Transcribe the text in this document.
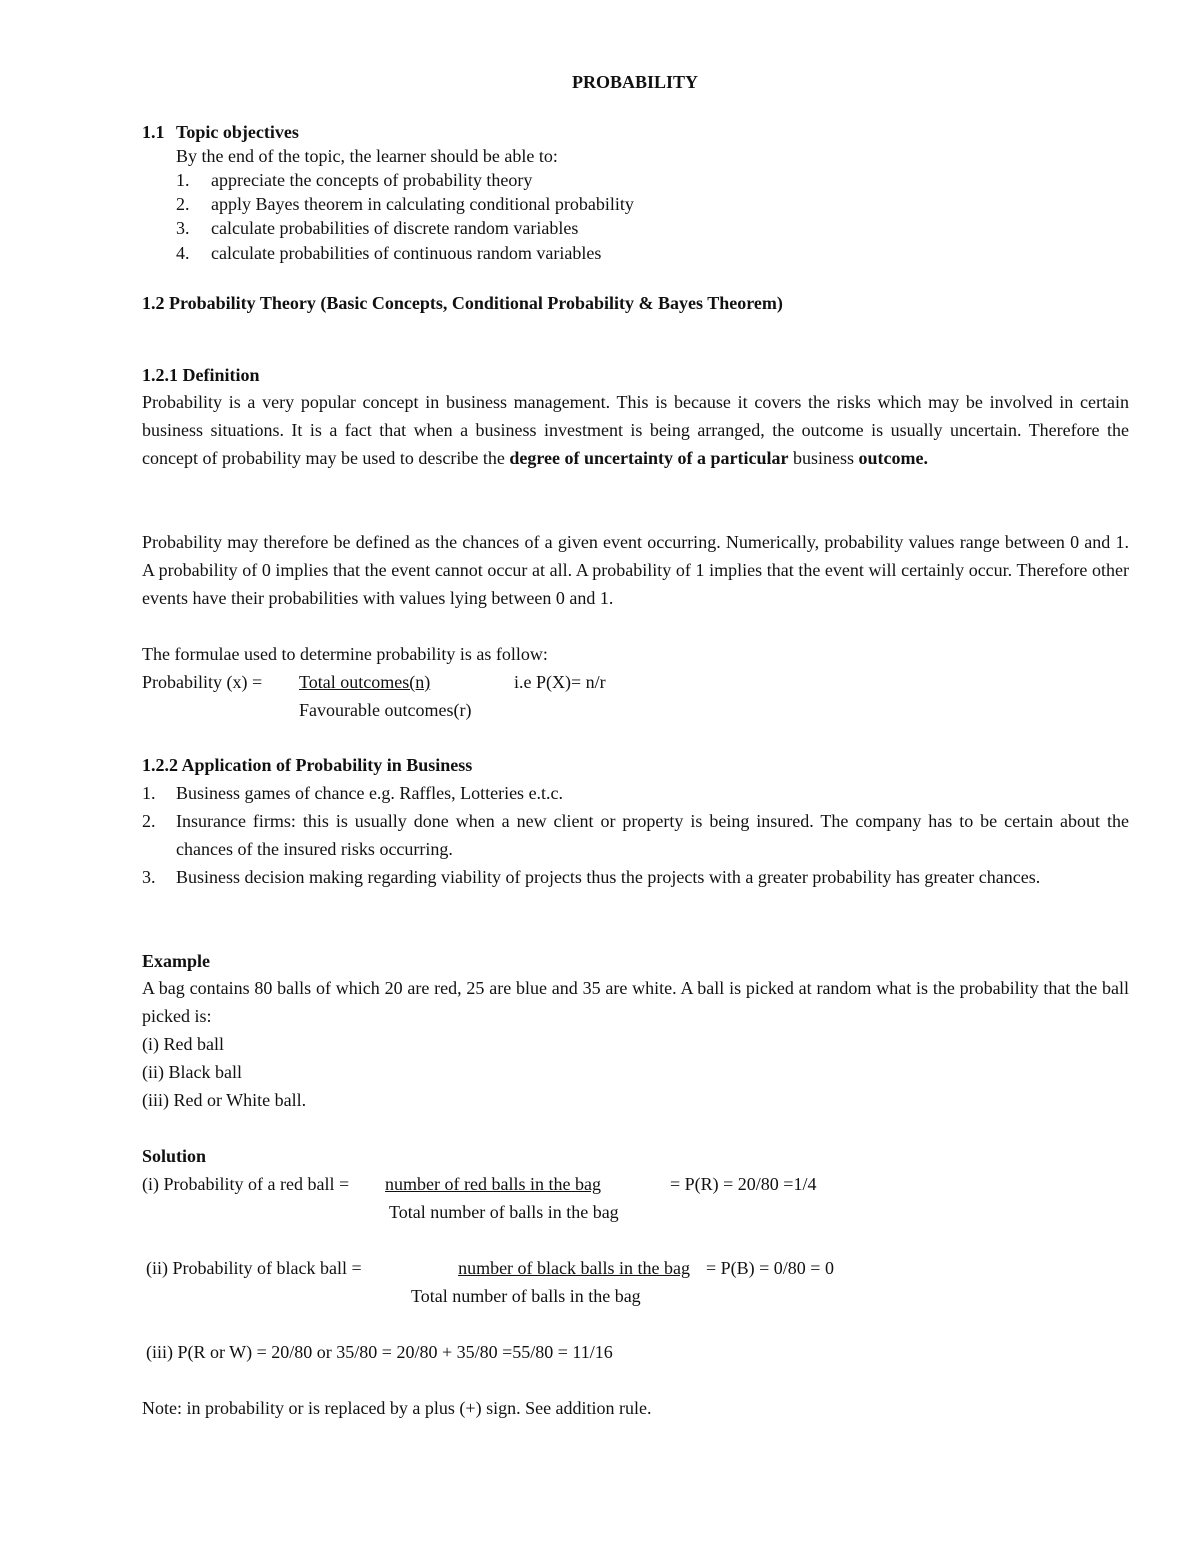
PROBABILITY
1.1 Topic objectives
By the end of the topic, the learner should be able to:
1. appreciate the concepts of probability theory
2. apply Bayes theorem in calculating conditional probability
3. calculate probabilities of discrete random variables
4. calculate probabilities of continuous random variables
1.2 Probability Theory (Basic Concepts, Conditional Probability & Bayes Theorem)
1.2.1 Definition
Probability is a very popular concept in business management. This is because it covers the risks which may be involved in certain business situations. It is a fact that when a business investment is being arranged, the outcome is usually uncertain. Therefore the concept of probability may be used to describe the degree of uncertainty of a particular business outcome.
Probability may therefore be defined as the chances of a given event occurring. Numerically, probability values range between 0 and 1. A probability of 0 implies that the event cannot occur at all. A probability of 1 implies that the event will certainly occur. Therefore other events have their probabilities with values lying between 0 and 1.
The formulae used to determine probability is as follow:
Probability (x) = Total outcomes(n)	i.e P(X)= n/r
Favourable outcomes(r)
1.2.2 Application of Probability in Business
1. Business games of chance e.g. Raffles, Lotteries e.t.c.
2. Insurance firms: this is usually done when a new client or property is being insured. The company has to be certain about the chances of the insured risks occurring.
3. Business decision making regarding viability of projects thus the projects with a greater probability has greater chances.
Example
A bag contains 80 balls of which 20 are red, 25 are blue and 35 are white. A ball is picked at random what is the probability that the ball picked is:
(i) Red ball
(ii) Black ball
(iii) Red or White ball.
Solution
(i) Probability of a red ball = number of red balls in the bag	= P(R) = 20/80 =1/4
Total number of balls in the bag
(ii) Probability of black ball =	number of black balls in the bag = P(B) = 0/80 = 0
Total number of balls in the bag
(iii) P(R or W) = 20/80 or 35/80 = 20/80 + 35/80 =55/80 = 11/16
Note: in probability or is replaced by a plus (+) sign. See addition rule.
